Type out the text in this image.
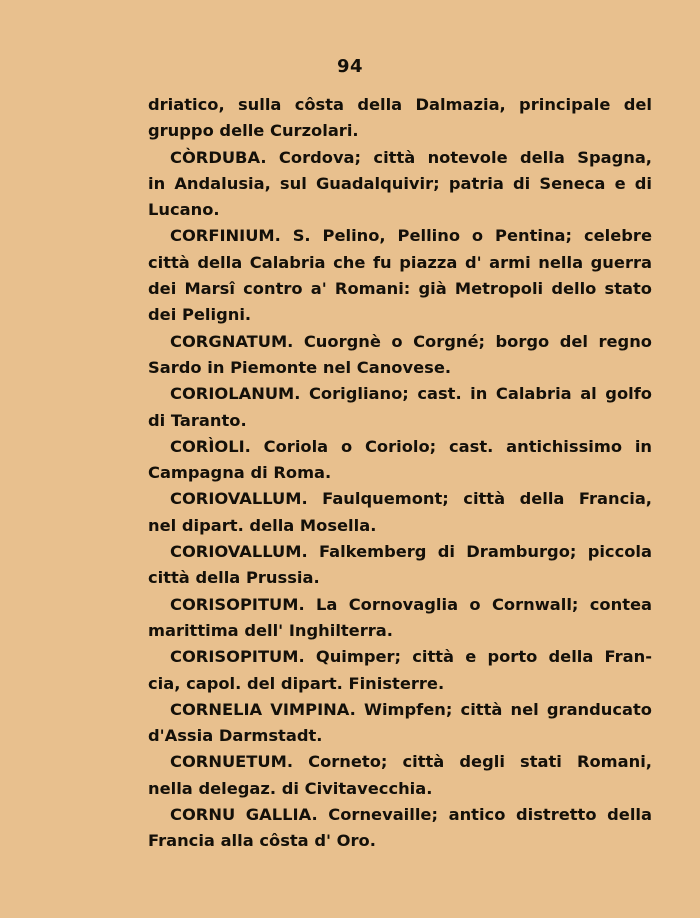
94
driatico, sulla côsta della Dalmazia, principale del
gruppo delle Curzolari.
CÒRDUBA. Cordova; città notevole della Spagna,
in Andalusia, sul Guadalquivir; patria di Seneca e di
Lucano.
CORFINIUM. S. Pelino, Pellino o Pentina; celebre
città della Calabria che fu piazza d' armi nella guerra
dei Marsî contro a' Romani: già Metropoli dello stato
dei Peligni.
CORGNATUM. Cuorgnè o Corgné; borgo del regno
Sardo in Piemonte nel Canovese.
CORIOLANUM. Corigliano; cast. in Calabria al golfo
di Taranto.
CORÌOLI. Coriola o Coriolo; cast. antichissimo in
Campagna di Roma.
CORIOVALLUM. Faulquemont; città della Francia,
nel dipart. della Mosella.
CORIOVALLUM. Falkemberg di Dramburgo; piccola
città della Prussia.
CORISOPITUM. La Cornovaglia o Cornwall; contea
marittima dell' Inghilterra.
CORISOPITUM. Quimper; città e porto della Fran-
cia, capol. del dipart. Finisterre.
CORNELIA VIMPINA. Wimpfen; città nel granducato
d'Assia Darmstadt.
CORNUETUM. Corneto; città degli stati Romani,
nella delegaz. di Civitavecchia.
CORNU GALLIA. Cornevaille; antico distretto della
Francia alla côsta d' Oro.
